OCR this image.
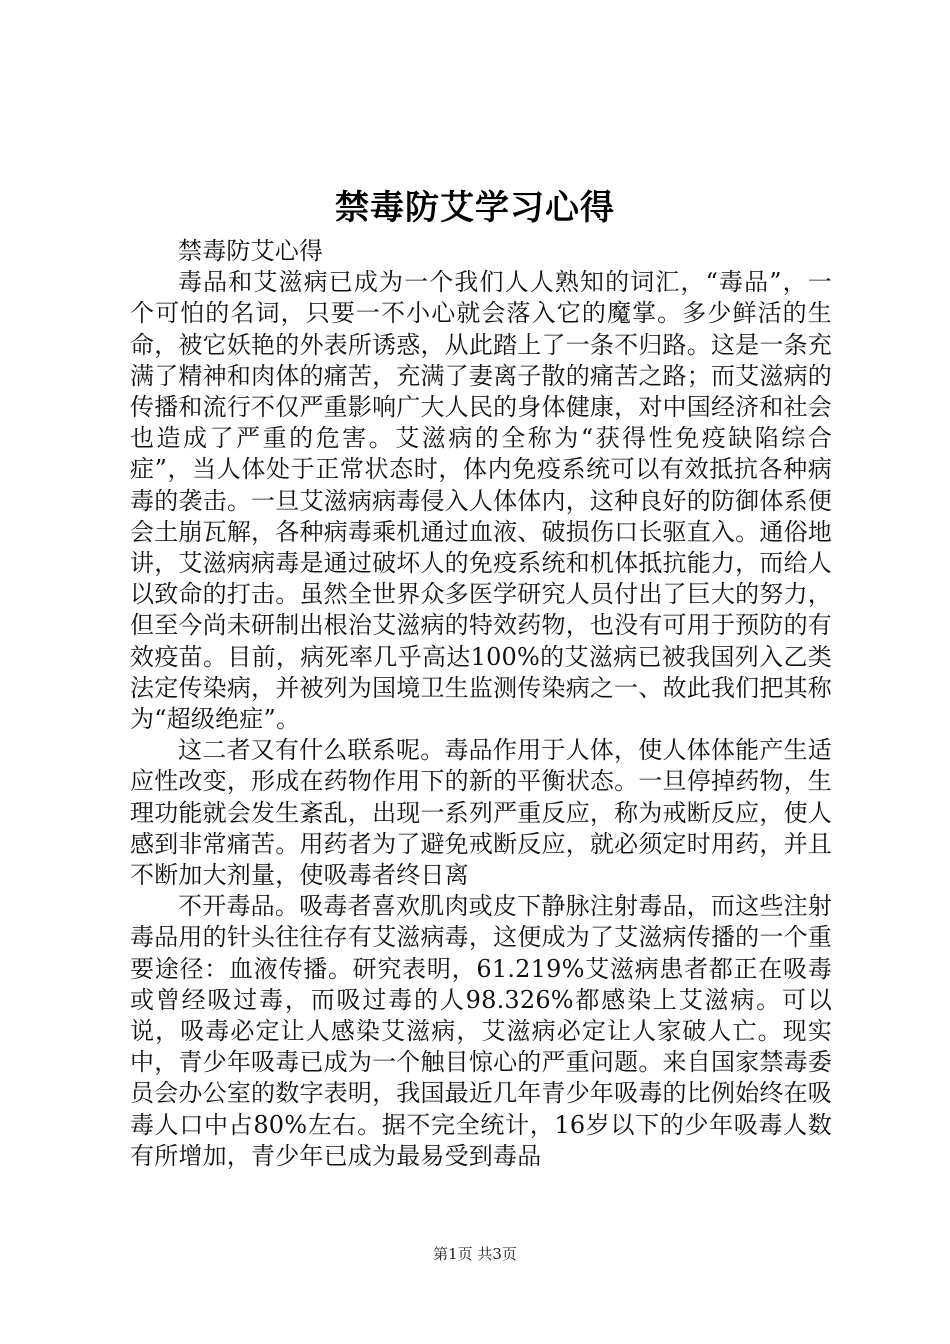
禁毒防艾学习心得

禁毒防艾心得

毒品和艾滋病已成为一个我们人人熟知的词汇，“毒品”，一个可怕的名词，只要一不小心就会落入它的魔掌。多少鲜活的生命，被它妖艳的外表所诱惑，从此踏上了一条不归路。这是一条充满了精神和肉体的痛苦，充满了妻离子散的痛苦之路；而艾滋病的传播和流行不仅严重影响广大人民的身体健康，对中国经济和社会也造成了严重的危害。艾滋病的全称为“获得性免疫缺陷综合症”，当人体处于正常状态时，体内免疫系统可以有效抵抗各种病毒的袭击。一旦艾滋病病毒侵入人体体内，这种良好的防御体系便会土崩瓦解，各种病毒乘机通过血液、破损伤口长驱直入。通俗地讲，艾滋病病毒是通过破坏人的免疫系统和机体抵抗能力，而给人以致命的打击。虽然全世界众多医学研究人员付出了巨大的努力，但至今尚未研制出根治艾滋病的特效药物，也没有可用于预防的有效疫苗。目前，病死率几乎高达100%的艾滋病已被我国列入乙类法定传染病，并被列为国境卫生监测传染病之一、故此我们把其称为“超级绝症”。

这二者又有什么联系呢。毒品作用于人体，使人体体能产生适应性改变，形成在药物作用下的新的平衡状态。一旦停掉药物，生理功能就会发生紊乱，出现一系列严重反应，称为戒断反应，使人感到非常痛苦。用药者为了避免戒断反应，就必须定时用药，并且不断加大剂量，使吸毒者终日离

不开毒品。吸毒者喜欢肌肉或皮下静脉注射毒品，而这些注射毒品用的针头往往存有艾滋病毒，这便成为了艾滋病传播的一个重要途径：血液传播。研究表明，61.219%艾滋病患者都正在吸毒或曾经吸过毒，而吸过毒的人98.326%都感染上艾滋病。可以说，吸毒必定让人感染艾滋病，艾滋病必定让人家破人亡。现实中，青少年吸毒已成为一个触目惊心的严重问题。来自国家禁毒委员会办公室的数字表明，我国最近几年青少年吸毒的比例始终在吸毒人口中占80%左右。据不完全统计，16岁以下的少年吸毒人数有所增加，青少年已成为最易受到毒品

第1页 共3页
